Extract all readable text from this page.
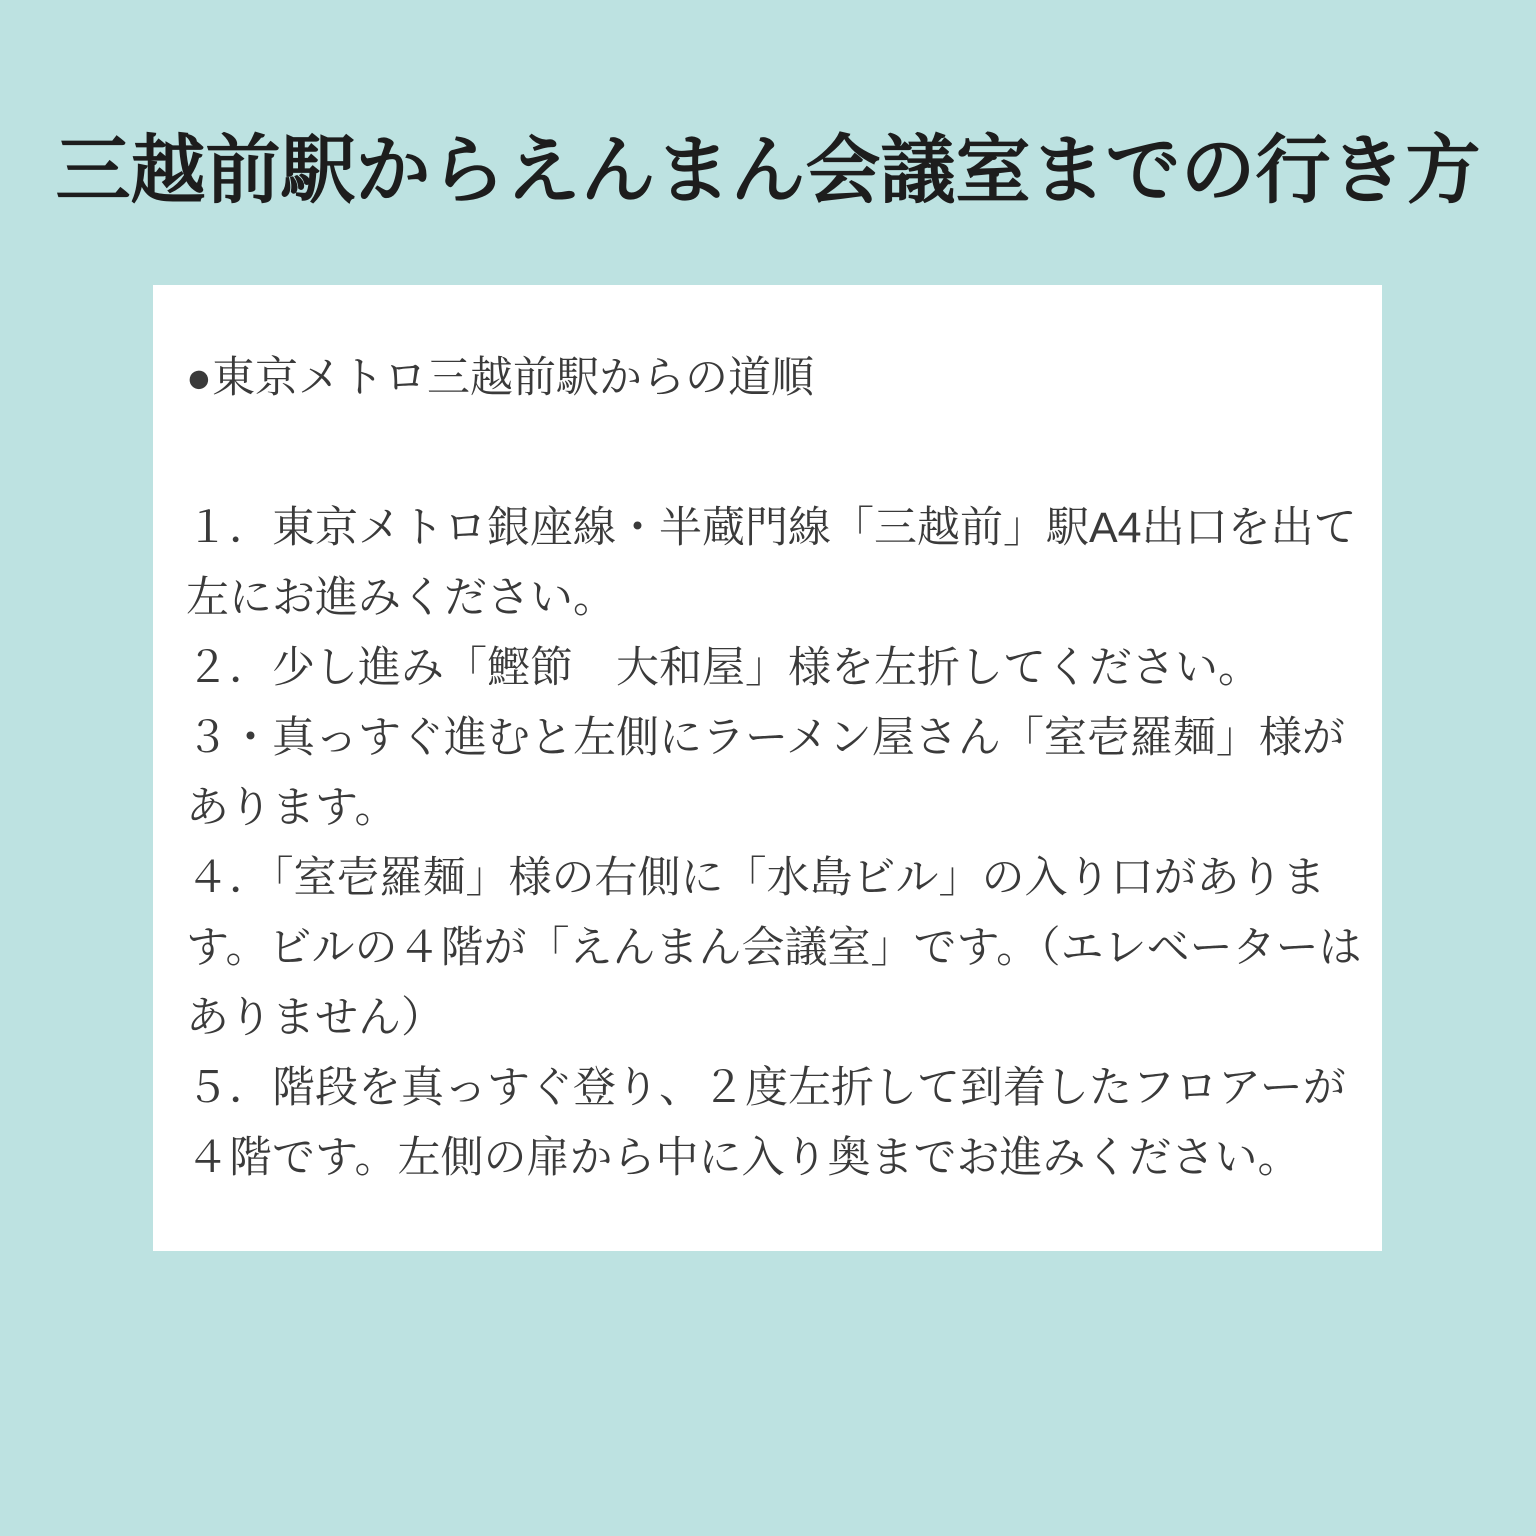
三越前駅からえんまん会議室までの行き方

●東京メトロ三越前駅からの道順

１．東京メトロ銀座線・半蔵門線「三越前」駅A4出口を出て左にお進みください。

２．少し進み「鰹節　大和屋」様を左折してください。

３・真っすぐ進むと左側にラーメン屋さん「室壱羅麺」様があります。

４．「室壱羅麺」様の右側に「水島ビル」の入り口があります。ビルの４階が「えんまん会議室」です。（エレベーターはありません）

５．階段を真っすぐ登り、２度左折して到着したフロアーが４階です。左側の扉から中に入り奥までお進みください。
